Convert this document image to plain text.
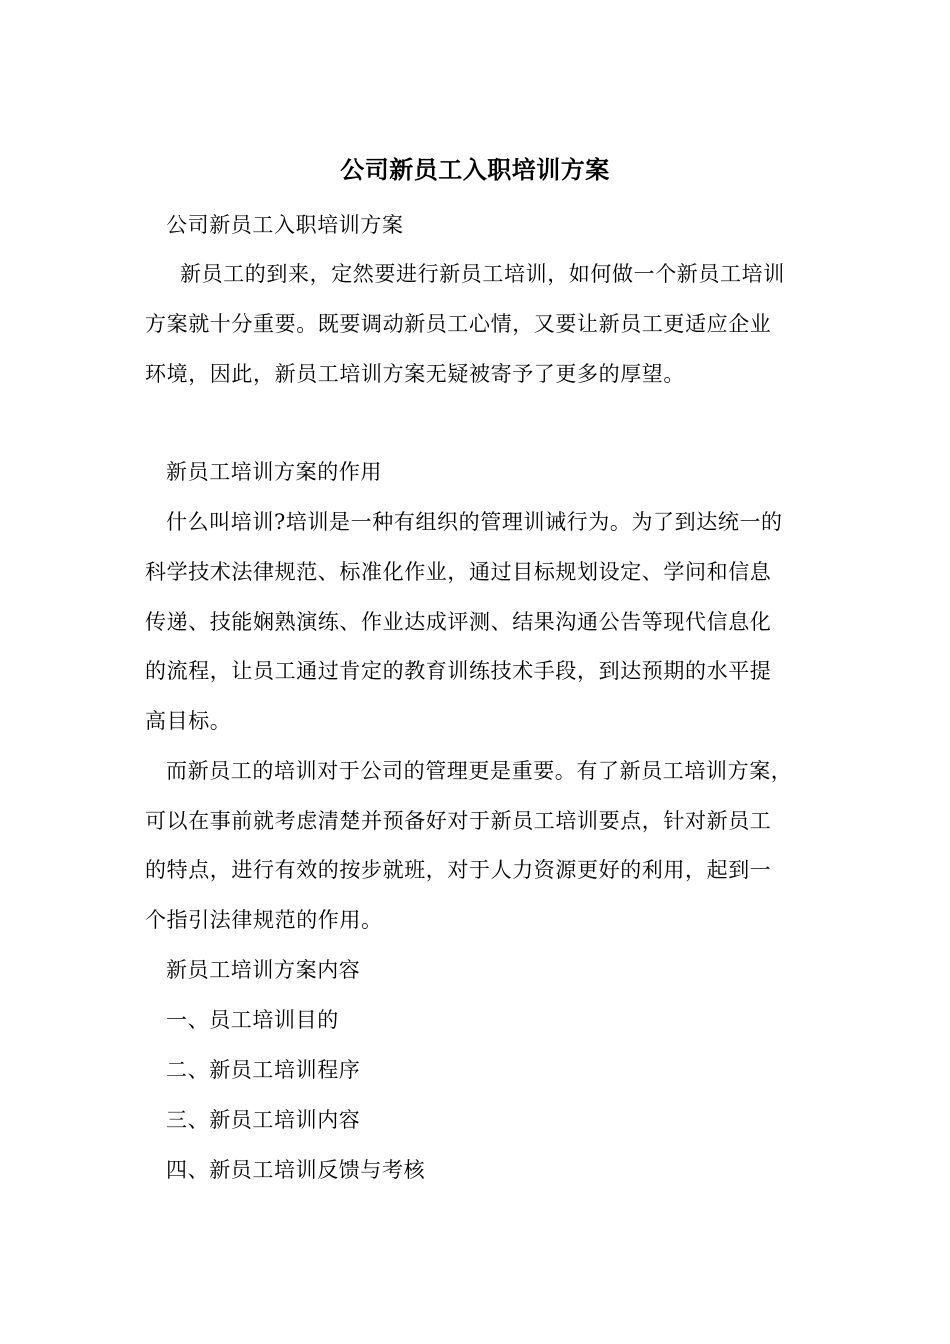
公司新员工入职培训方案
公司新员工入职培训方案
新员工的到来，定然要进行新员工培训，如何做一个新员工培训
方案就十分重要。既要调动新员工心情，又要让新员工更适应企业
环境，因此，新员工培训方案无疑被寄予了更多的厚望。
新员工培训方案的作用
什么叫培训?培训是一种有组织的管理训诫行为。为了到达统一的
科学技术法律规范、标准化作业，通过目标规划设定、学问和信息
传递、技能娴熟演练、作业达成评测、结果沟通公告等现代信息化
的流程，让员工通过肯定的教育训练技术手段，到达预期的水平提
高目标。
而新员工的培训对于公司的管理更是重要。有了新员工培训方案，
可以在事前就考虑清楚并预备好对于新员工培训要点，针对新员工
的特点，进行有效的按步就班，对于人力资源更好的利用，起到一
个指引法律规范的作用。
新员工培训方案内容
一、员工培训目的
二、新员工培训程序
三、新员工培训内容
四、新员工培训反馈与考核
